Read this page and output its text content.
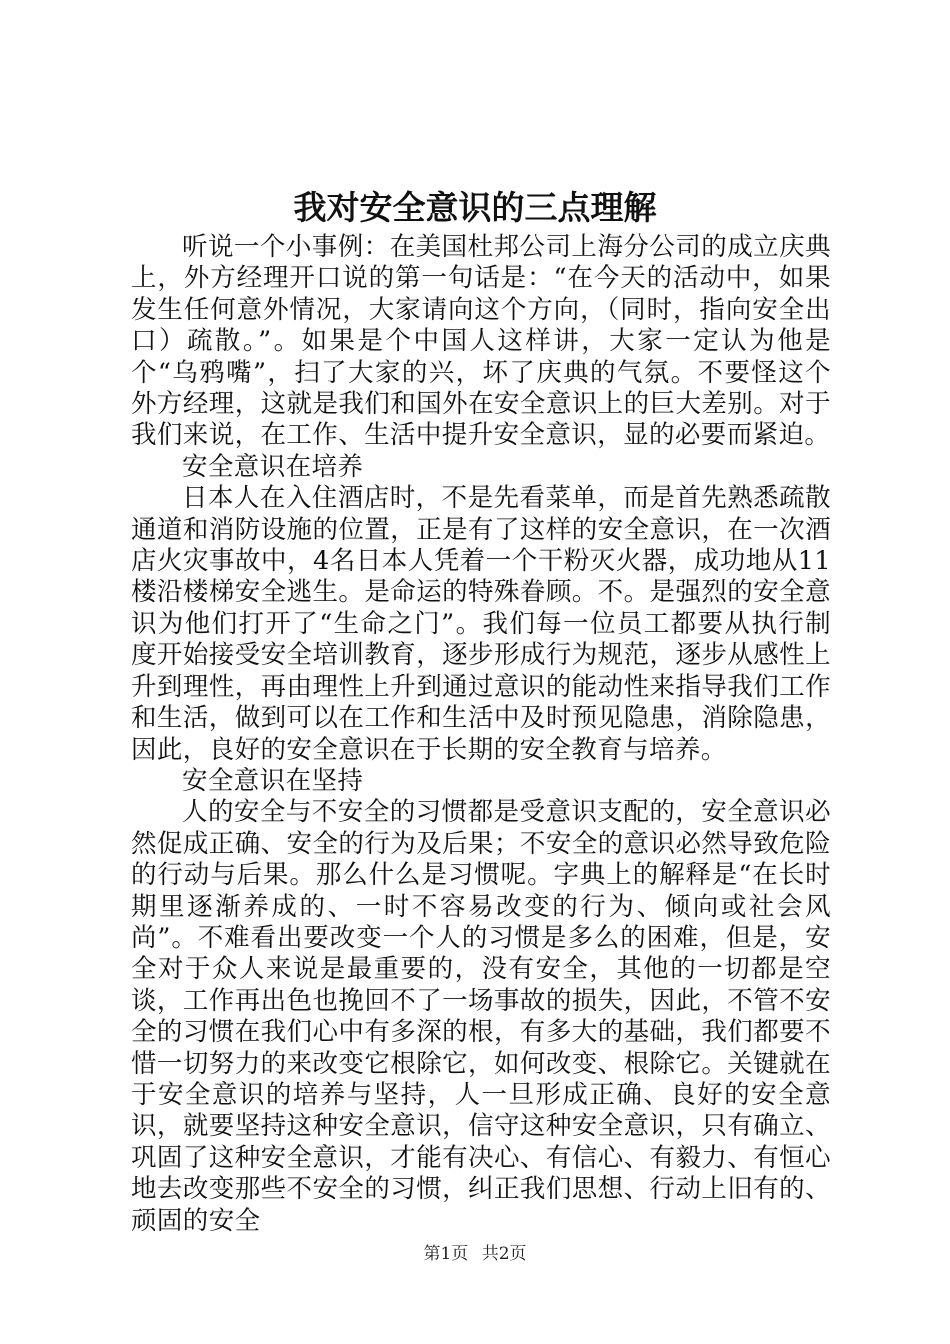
我对安全意识的三点理解

听说一个小事例：在美国杜邦公司上海分公司的成立庆典上，外方经理开口说的第一句话是：“在今天的活动中，如果发生任何意外情况，大家请向这个方向，（同时，指向安全出口）疏散。”。如果是个中国人这样讲，大家一定认为他是个“乌鸦嘴”，扫了大家的兴，坏了庆典的气氛。不要怪这个外方经理，这就是我们和国外在安全意识上的巨大差别。对于我们来说，在工作、生活中提升安全意识，显的必要而紧迫。

安全意识在培养

日本人在入住酒店时，不是先看菜单，而是首先熟悉疏散通道和消防设施的位置，正是有了这样的安全意识，在一次酒店火灾事故中，4名日本人凭着一个干粉灭火器，成功地从11楼沿楼梯安全逃生。是命运的特殊眷顾。不。是强烈的安全意识为他们打开了“生命之门”。我们每一位员工都要从执行制度开始接受安全培训教育，逐步形成行为规范，逐步从感性上升到理性，再由理性上升到通过意识的能动性来指导我们工作和生活，做到可以在工作和生活中及时预见隐患，消除隐患，因此，良好的安全意识在于长期的安全教育与培养。

安全意识在坚持

人的安全与不安全的习惯都是受意识支配的，安全意识必然促成正确、安全的行为及后果；不安全的意识必然导致危险的行动与后果。那么什么是习惯呢。字典上的解释是“在长时期里逐渐养成的、一时不容易改变的行为、倾向或社会风尚”。不难看出要改变一个人的习惯是多么的困难，但是，安全对于众人来说是最重要的，没有安全，其他的一切都是空谈，工作再出色也挽回不了一场事故的损失，因此，不管不安全的习惯在我们心中有多深的根，有多大的基础，我们都要不惜一切努力的来改变它根除它，如何改变、根除它。关键就在于安全意识的培养与坚持，人一旦形成正确、良好的安全意识，就要坚持这种安全意识，信守这种安全意识，只有确立、巩固了这种安全意识，才能有决心、有信心、有毅力、有恒心地去改变那些不安全的习惯，纠正我们思想、行动上旧有的、顽固的安全

第1页 共2页
